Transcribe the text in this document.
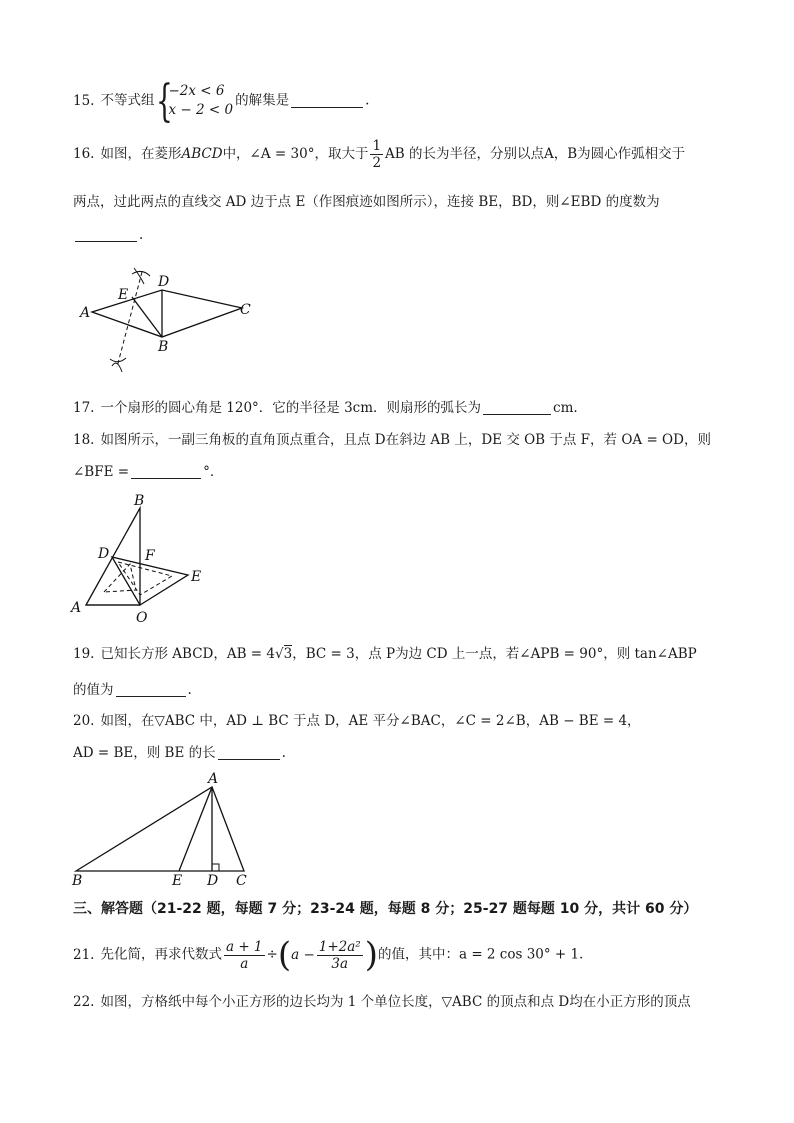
15. 不等式组 {
−2x < 6
x − 2 < 0
的解集是	.
16. 如图，在菱形ABCD中，∠A = 30°，取大于 $\frac{1}{2}$ AB 的长为半径，分别以点A，B为圆心作弧相交于
两点，过此两点的直线交 AD 边于点 E（作图痕迹如图所示），连接 BE，BD，则∠EBD 的度数为
.
A
E
D
C
B
17. 一个扇形的圆心角是 120°．它的半径是 3cm．则扇形的弧长为	cm.
18. 如图所示，一副三角板的直角顶点重合，且点 D在斜边 AB 上，DE 交 OB 于点 F，若 OA = OD，则
∠BFE =	°．
B
D	F
E
A
O
19. 已知长方形 ABCD，AB = 4√3，BC = 3，点 P为边 CD 上一点，若∠APB = 90°，则 tan∠ABP
的值为	.
20. 如图，在▽ABC 中，AD ⊥ BC 于点 D，AE 平分∠BAC，∠C = 2∠B，AB − BE = 4，
AD = BE，则 BE 的长	.
A
B	E D C
三、解答题（21-22 题，每题 7 分；23-24 题，每题 8 分；25-27 题每题 10 分，共计 60 分）
21. 先化简，再求代数式 $\frac{a + 1}{a} \div(a - \frac{\text{1+2a²}}{3a}$ )的值，其中：a = 2 cos 30° + 1．
22. 如图，方格纸中每个小正方形的边长均为 1 个单位长度，▽ABC 的顶点和点 D均在小正方形的顶点
